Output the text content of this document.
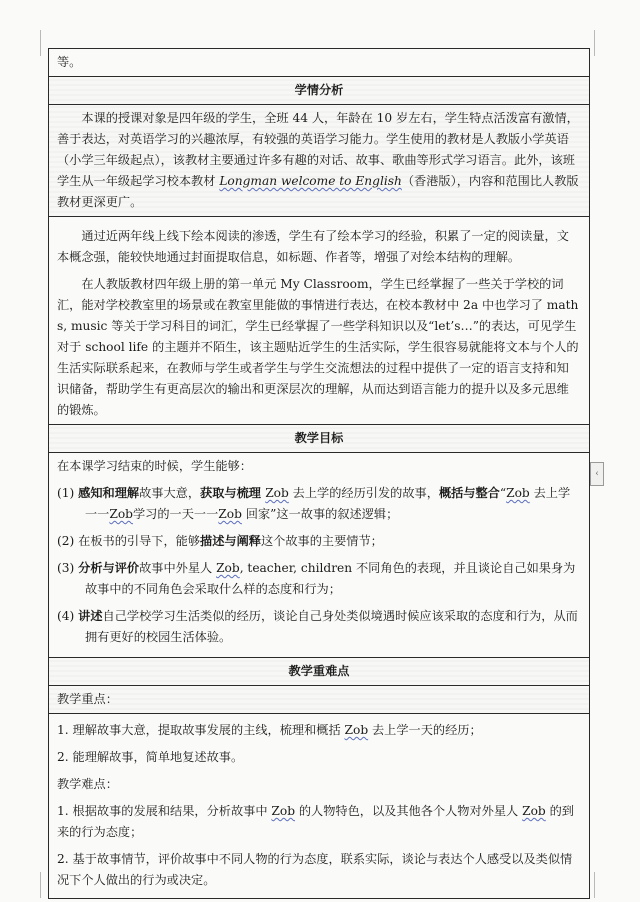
等。
学情分析

本课的授课对象是四年级的学生，全班 44 人，年龄在 10 岁左右，学生特点活泼富有激情，善于表达，对英语学习的兴趣浓厚，有较强的英语学习能力。学生使用的教材是人教版小学英语（小学三年级起点），该教材主要通过许多有趣的对话、故事、歌曲等形式学习语言。此外，该班学生从一年级起学习校本教材 Longman welcome to English（香港版），内容和范围比人教版教材更深更广。

通过近两年线上线下绘本阅读的渗透，学生有了绘本学习的经验，积累了一定的阅读量，文本概念强，能较快地通过封面提取信息，如标题、作者等，增强了对绘本结构的理解。

在人教版教材四年级上册的第一单元 My Classroom，学生已经掌握了一些关于学校的词汇，能对学校教室里的场景或在教室里能做的事情进行表达，在校本教材中 2a 中也学习了 maths, music 等关于学习科目的词汇，学生已经掌握了一些学科知识以及“let’s…”的表达，可见学生对于 school life 的主题并不陌生，该主题贴近学生的生活实际，学生很容易就能将文本与个人的生活实际联系起来，在教师与学生或者学生与学生交流想法的过程中提供了一定的语言支持和知识储备，帮助学生有更高层次的输出和更深层次的理解，从而达到语言能力的提升以及多元思维的锻炼。

教学目标

在本课学习结束的时候，学生能够：

(1) 感知和理解故事大意，获取与梳理 Zob 去上学的经历引发的故事，概括与整合“Zob 去上学一一Zob学习的一天一一Zob 回家”这一故事的叙述逻辑；

(2) 在板书的引导下，能够描述与阐释这个故事的主要情节；

(3) 分析与评价故事中外星人 Zob, teacher, children 不同角色的表现，并且谈论自己如果身为故事中的不同角色会采取什么样的态度和行为；

(4) 讲述自己学校学习生活类似的经历，谈论自己身处类似境遇时候应该采取的态度和行为，从而拥有更好的校园生活体验。

教学重难点

教学重点：

1. 理解故事大意，提取故事发展的主线，梳理和概括 Zob 去上学一天的经历；

2. 能理解故事，简单地复述故事。

教学难点：

1. 根据故事的发展和结果，分析故事中 Zob 的人物特色，以及其他各个人物对外星人 Zob 的到来的行为态度；

2. 基于故事情节，评价故事中不同人物的行为态度，联系实际，谈论与表达个人感受以及类似情况下个人做出的行为或决定。

‹
